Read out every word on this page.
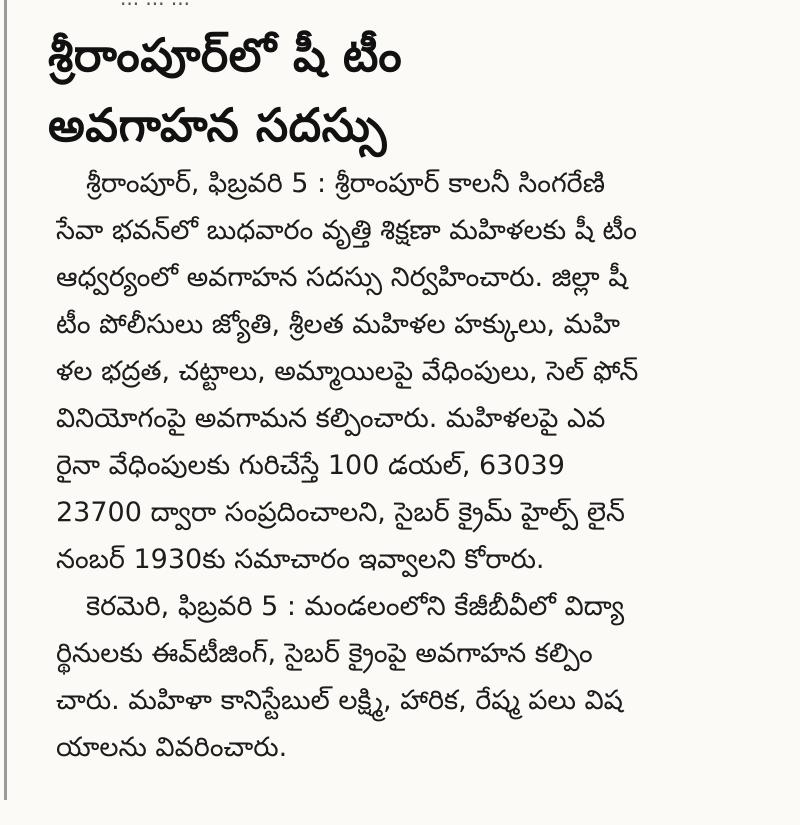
శ్రీరాంపూర్‌లో షీ టీం
అవగాహన సదస్సు
శ్రీరాంపూర్, ఫిబ్రవరి 5 : శ్రీరాంపూర్ కాలనీ సింగరేణి
సేవా భవన్‌లో బుధవారం వృత్తి శిక్షణా మహిళలకు షీ టీం
ఆధ్వర్యంలో అవగాహన సదస్సు నిర్వహించారు. జిల్లా షీ
టీం పోలీసులు జ్యోతి, శ్రీలత మహిళల హక్కులు, మహి
ళల భద్రత, చట్టాలు, అమ్మాయిలపై వేధింపులు, సెల్ ఫోన్
వినియోగంపై అవగామన కల్పించారు. మహిళలపై ఎవ
రైనా వేధింపులకు గురిచేస్తే 100 డయల్, 63039
23700 ద్వారా సంప్రదించాలని, సైబర్ క్రైమ్ హైల్ప్ లైన్
నంబర్ 1930కు సమాచారం ఇవ్వాలని కోరారు.
కెరమెరి, ఫిబ్రవరి 5 : మండలంలోని కేజీబీవీలో విద్యా
ర్థినులకు ఈవ్‌టీజింగ్, సైబర్ క్రైంపై అవగాహన కల్పిం
చారు. మహిళా కానిస్టేబుల్ లక్ష్మి, హారిక, రేష్మ పలు విష
యాలను వివరించారు.
